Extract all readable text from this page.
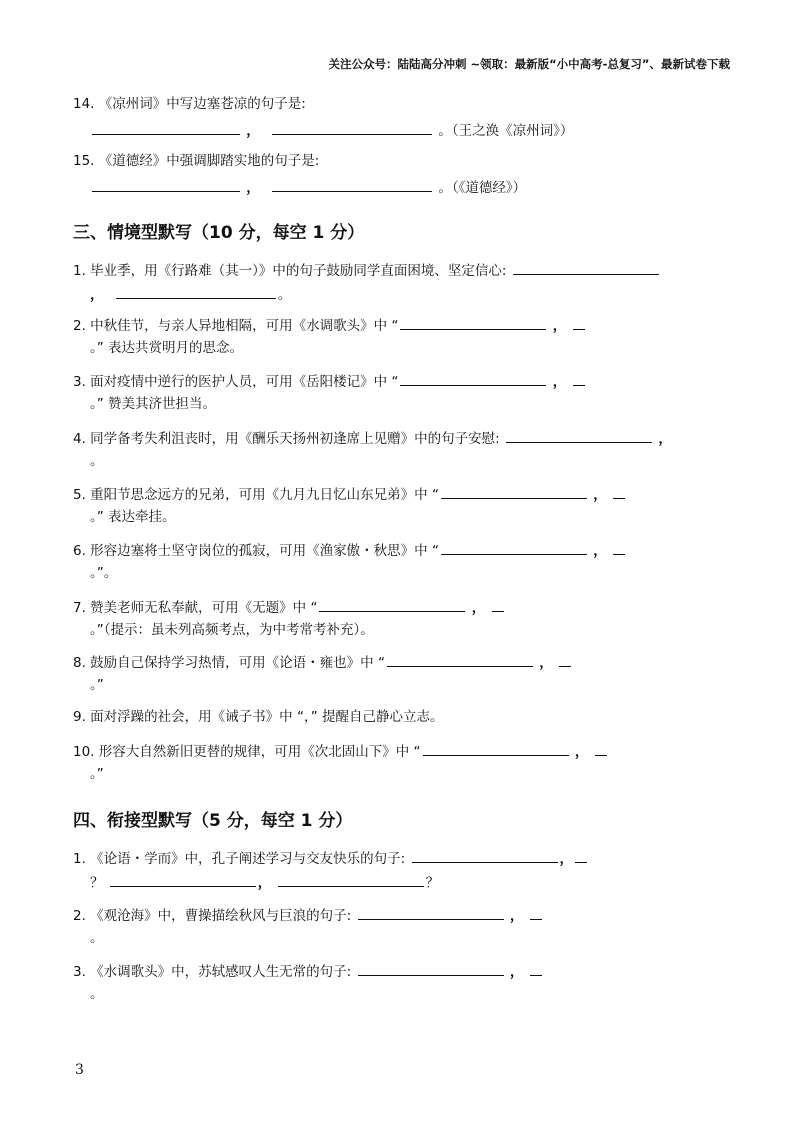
关注公众号：陆陆高分冲刺 ~领取：最新版“小中高考-总复习”、最新试卷下载
14. 《凉州词》中写边塞苍凉的句子是:
，	。（王之涣《凉州词》）
15. 《道德经》中强调脚踏实地的句子是:
，	。（《道德经》）
三、情境型默写（10 分，每空 1 分）
1. 毕业季，用《行路难（其一）》中的句子鼓励同学直面困境、坚定信心:
，	。
2. 中秋佳节，与亲人异地相隔，可用《水调歌头》中 “	，
。” 表达共赏明月的思念。
3. 面对疫情中逆行的医护人员，可用《岳阳楼记》中 “	，
。” 赞美其济世担当。
4. 同学备考失利沮丧时，用《酬乐天扬州初逢席上见赠》中的句子安慰:	，
。
5. 重阳节思念远方的兄弟，可用《九月九日忆山东兄弟》中 “	，
。” 表达牵挂。
6. 形容边塞将士坚守岗位的孤寂，可用《渔家傲・秋思》中 “	，
。”。
7. 赞美老师无私奉献，可用《无题》中 “	，
。”（提示：虽未列高频考点，为中考常考补充）。
8. 鼓励自己保持学习热情，可用《论语・雍也》中 “	，
。”
9. 面对浮躁的社会，用《诫子书》中 “，” 提醒自己静心立志。
10. 形容大自然新旧更替的规律，可用《次北固山下》中 “	，
。”
四、衔接型默写（5 分，每空 1 分）
1. 《论语・学而》中，孔子阐述学习与交友快乐的句子:	，
？	，	？
2. 《观沧海》中，曹操描绘秋风与巨浪的句子:	，
。
3. 《水调歌头》中，苏轼感叹人生无常的句子:	，
。
3
